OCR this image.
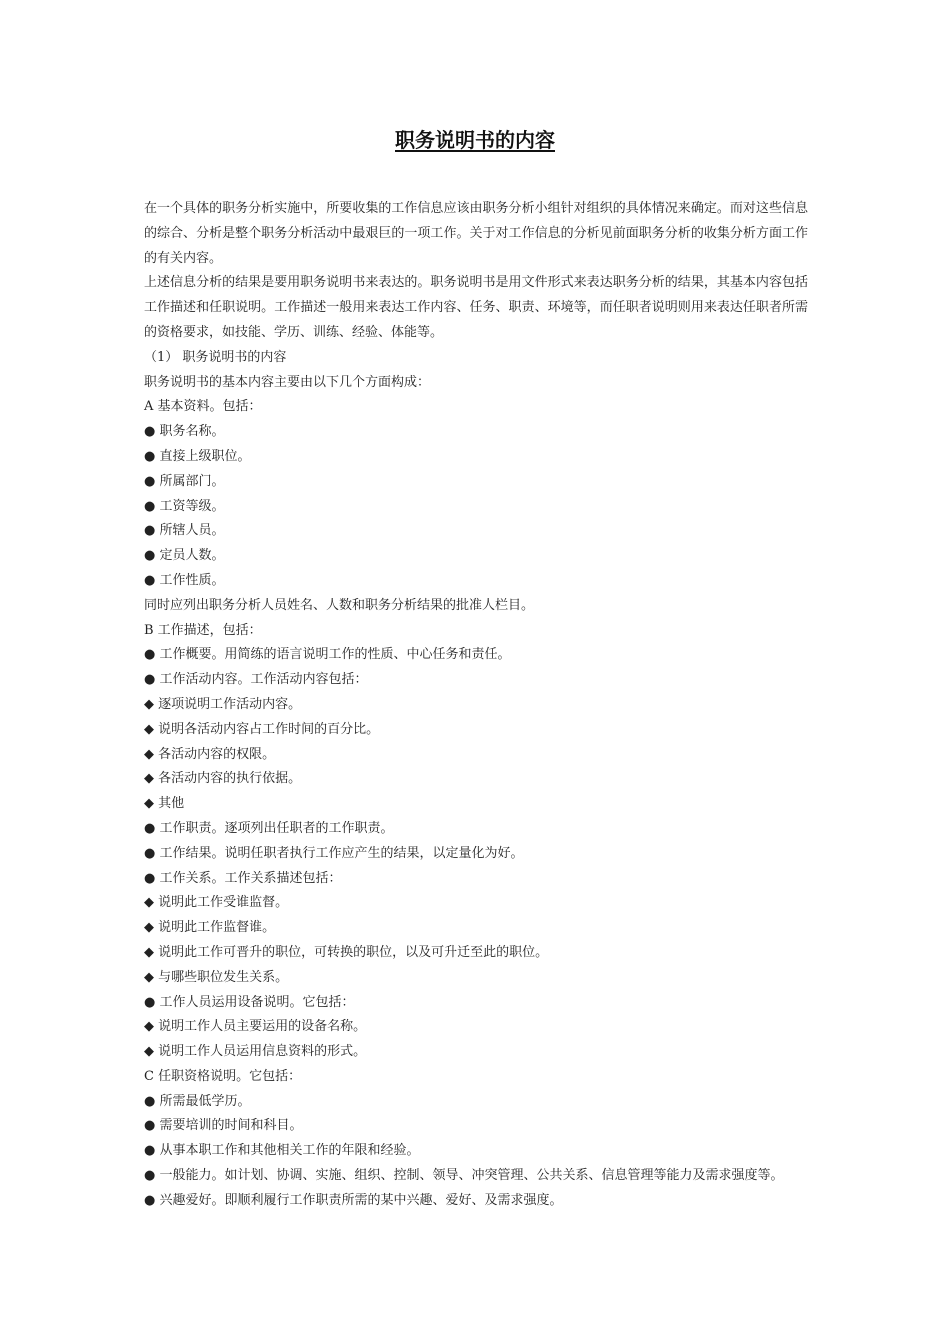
职务说明书的内容

在一个具体的职务分析实施中，所要收集的工作信息应该由职务分析小组针对组织的具体情况来确定。而对这些信息的综合、分析是整个职务分析活动中最艰巨的一项工作。关于对工作信息的分析见前面职务分析的收集分析方面工作的有关内容。

上述信息分析的结果是要用职务说明书来表达的。职务说明书是用文件形式来表达职务分析的结果，其基本内容包括工作描述和任职说明。工作描述一般用来表达工作内容、任务、职责、环境等，而任职者说明则用来表达任职者所需的资格要求，如技能、学历、训练、经验、体能等。

（1） 职务说明书的内容

职务说明书的基本内容主要由以下几个方面构成：

A 基本资料。包括：

● 职务名称。

● 直接上级职位。

● 所属部门。

● 工资等级。

● 所辖人员。

● 定员人数。

● 工作性质。

同时应列出职务分析人员姓名、人数和职务分析结果的批准人栏目。

B 工作描述，包括：

● 工作概要。用简练的语言说明工作的性质、中心任务和责任。

● 工作活动内容。工作活动内容包括：

◆ 逐项说明工作活动内容。

◆ 说明各活动内容占工作时间的百分比。

◆ 各活动内容的权限。

◆ 各活动内容的执行依据。

◆ 其他

● 工作职责。逐项列出任职者的工作职责。

● 工作结果。说明任职者执行工作应产生的结果，以定量化为好。

● 工作关系。工作关系描述包括：

◆ 说明此工作受谁监督。

◆ 说明此工作监督谁。

◆ 说明此工作可晋升的职位，可转换的职位，以及可升迁至此的职位。

◆ 与哪些职位发生关系。

● 工作人员运用设备说明。它包括：

◆ 说明工作人员主要运用的设备名称。

◆ 说明工作人员运用信息资料的形式。

C 任职资格说明。它包括：

● 所需最低学历。

● 需要培训的时间和科目。

● 从事本职工作和其他相关工作的年限和经验。

● 一般能力。如计划、协调、实施、组织、控制、领导、冲突管理、公共关系、信息管理等能力及需求强度等。

● 兴趣爱好。即顺利履行工作职责所需的某中兴趣、爱好、及需求强度。
